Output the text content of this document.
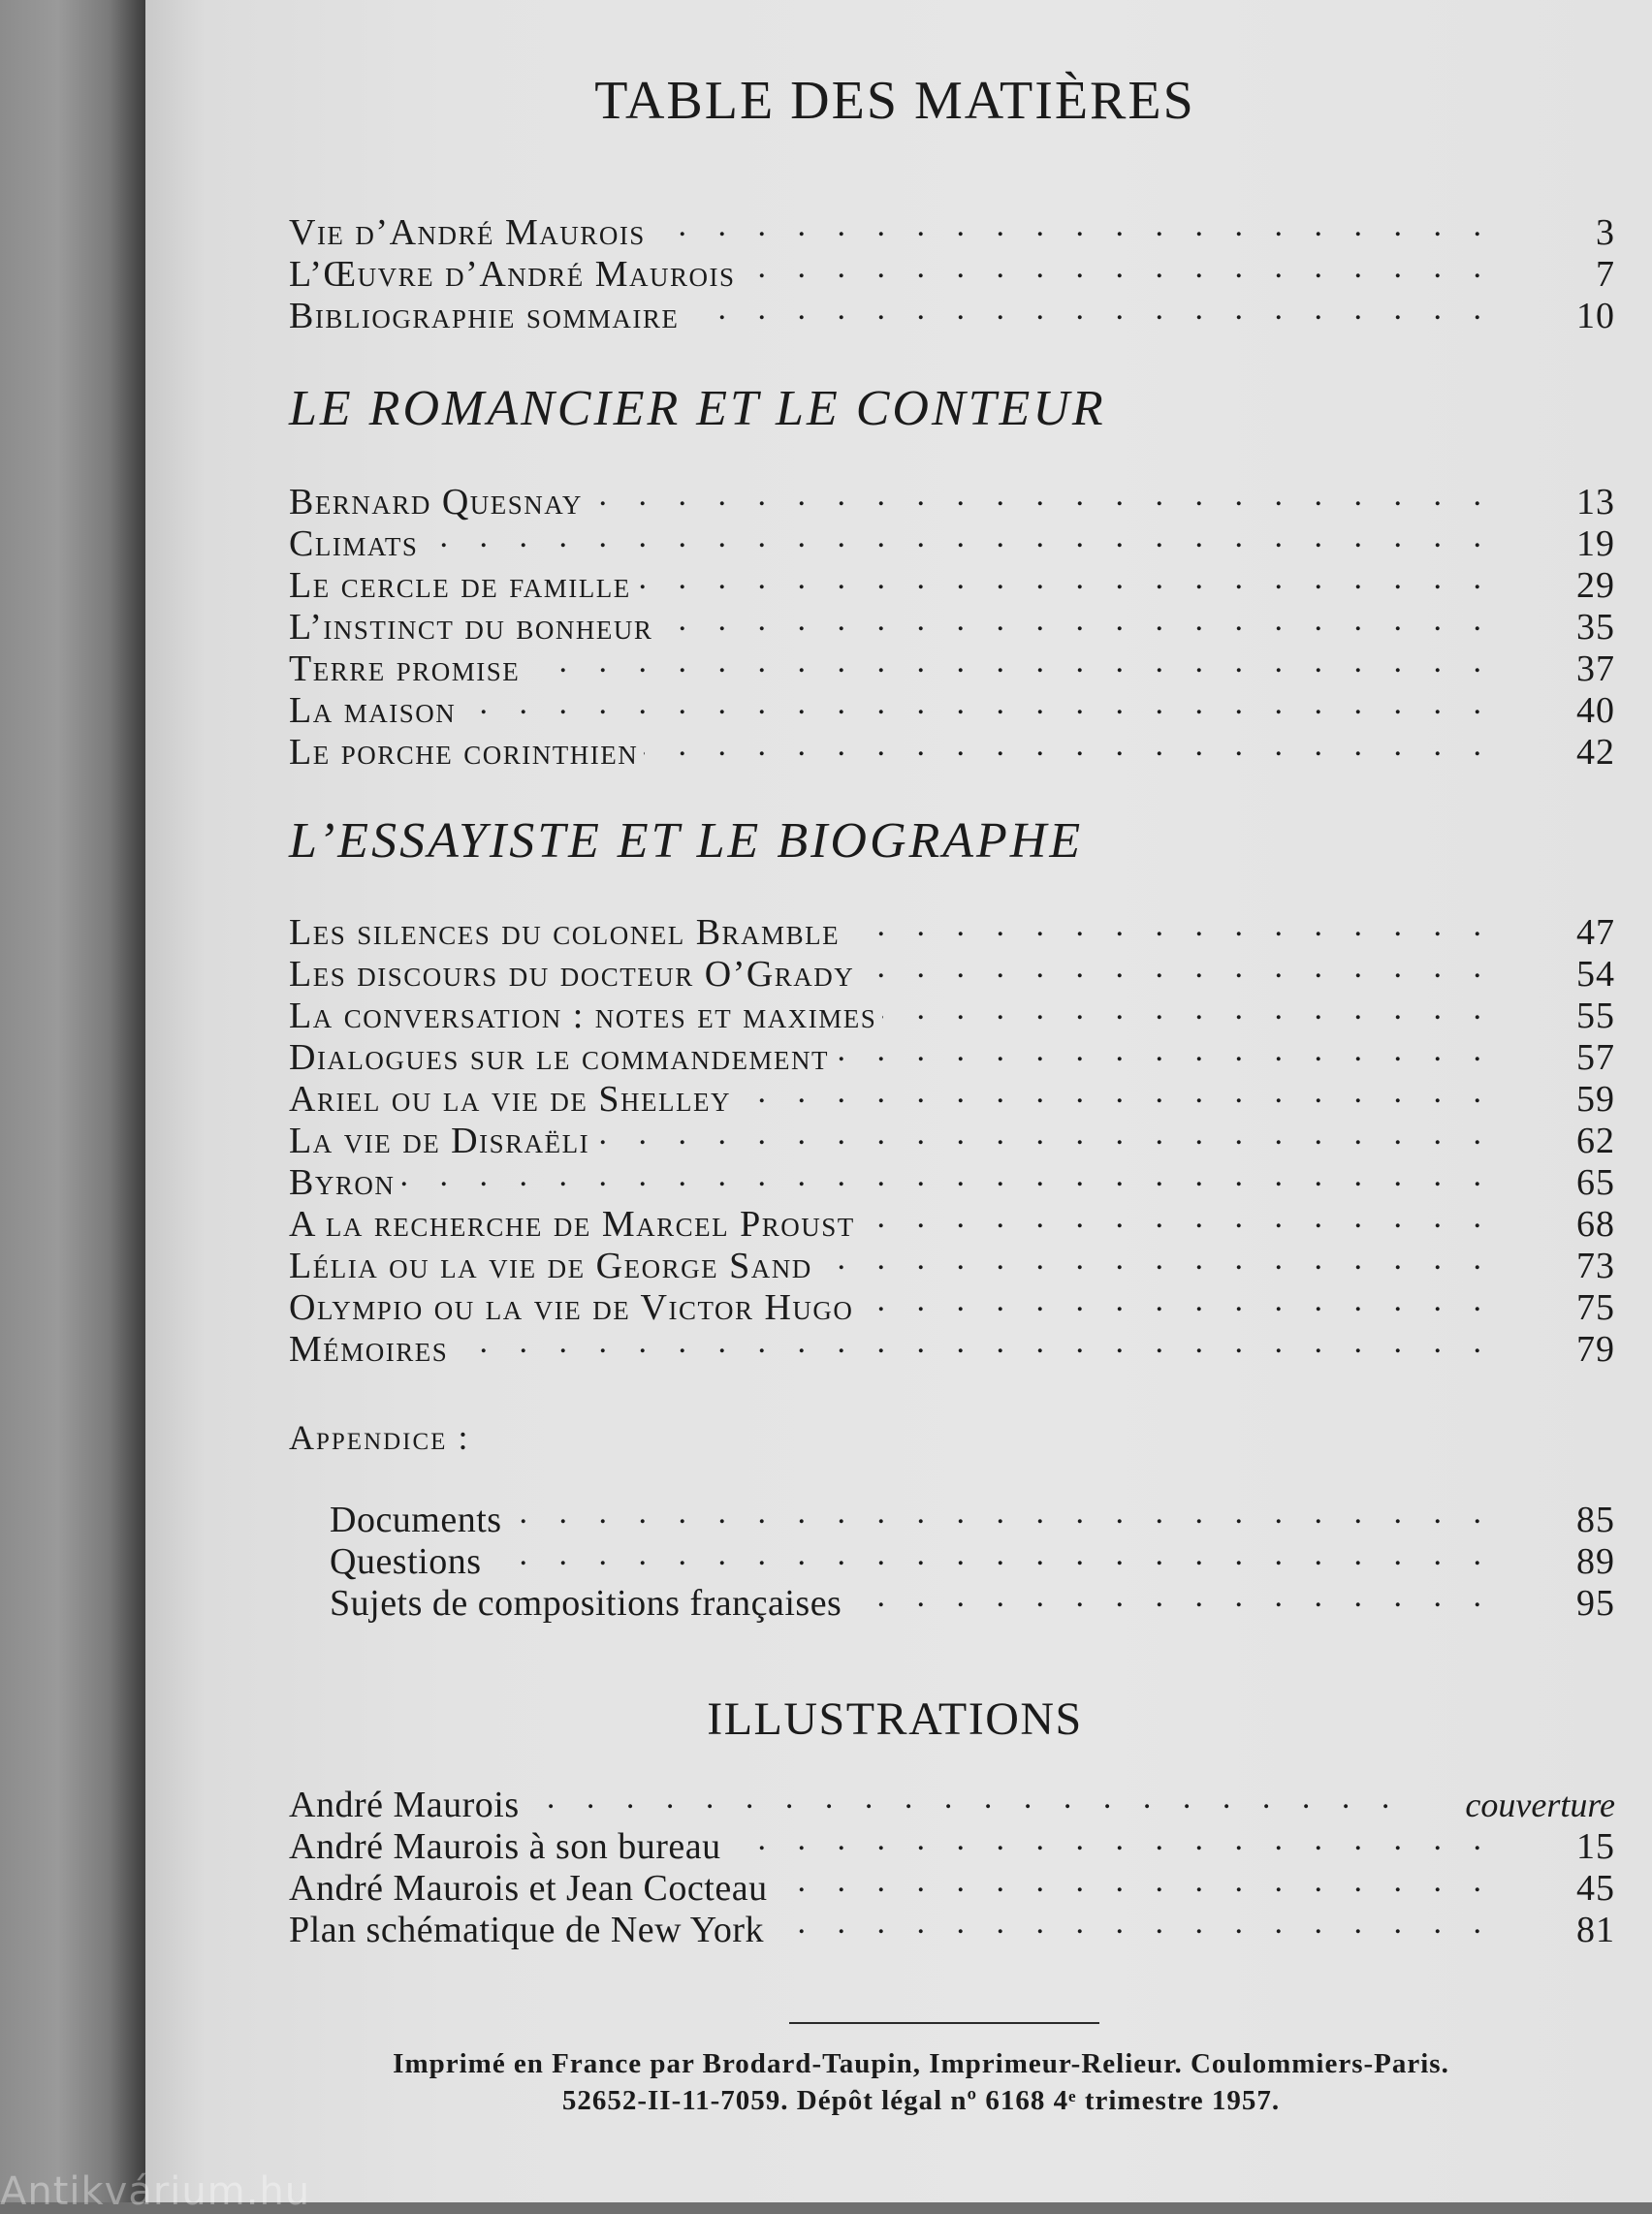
TABLE DES MATIÈRES
Vie d’André Maurois . . .	3
L’Œuvre d’André Maurois . . .	7
Bibliographie sommaire . . .	10
LE ROMANCIER ET LE CONTEUR
Bernard Quesnay . . .	13
Climats . . .	19
Le cercle de famille . . .	29
L’instinct du bonheur . . .	35
Terre promise . . .	37
La maison . . .	40
Le porche corinthien . . .	42
L’ESSAYISTE ET LE BIOGRAPHE
Les silences du colonel Bramble . . .	47
Les discours du docteur O’Grady . . .	54
La conversation : notes et maximes . . .	55
Dialogues sur le commandement . . .	57
Ariel ou la vie de Shelley . . .	59
La vie de Disraëli . . .	62
Byron . . .	65
A la recherche de Marcel Proust . . .	68
Lélia ou la vie de George Sand . . .	73
Olympio ou la vie de Victor Hugo . . .	75
Mémoires . . .	79
Appendice :
Documents . . .	85
Questions . . .	89
Sujets de compositions françaises . . .	95
ILLUSTRATIONS
André Maurois . . .	couverture
André Maurois à son bureau . . .	15
André Maurois et Jean Cocteau . . .	45
Plan schématique de New York . . .	81
Imprimé en France par Brodard-Taupin, Imprimeur-Relieur. Coulommiers-Paris.
52652-II-11-7059. Dépôt légal nº 6168 4ᵉ trimestre 1957.
Antikvárium.hu
